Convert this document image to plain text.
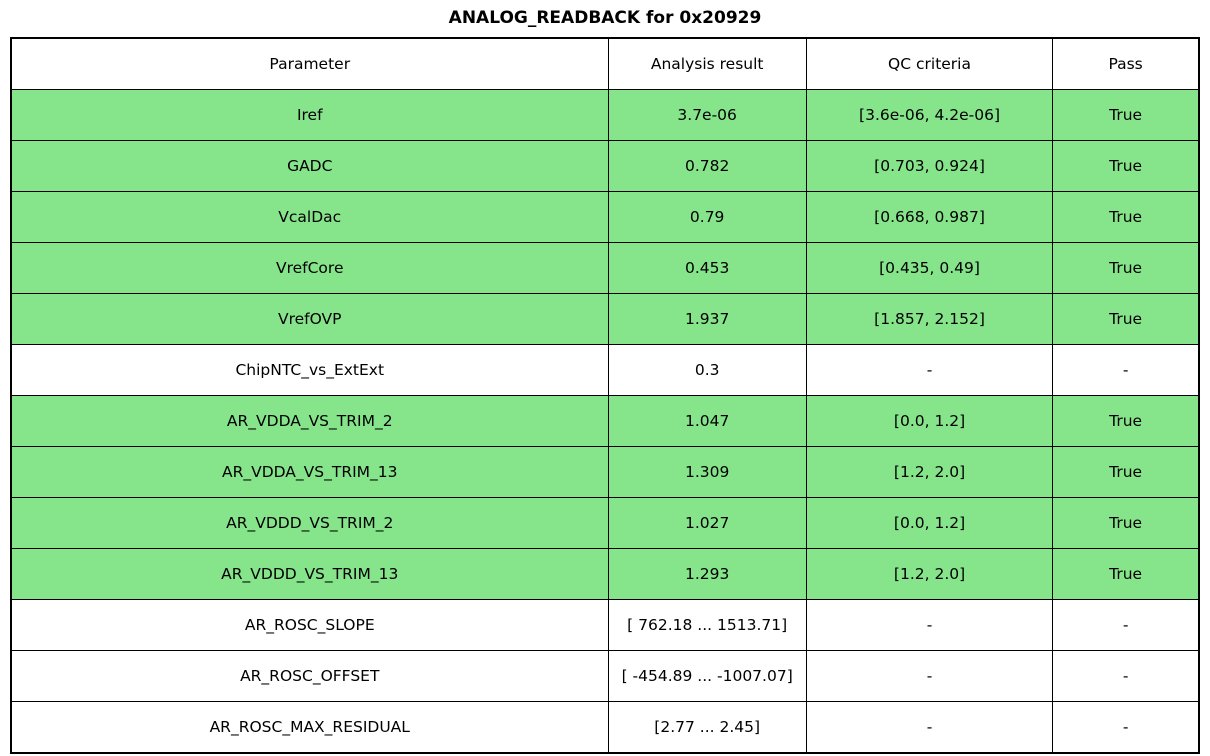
ANALOG_READBACK for 0x20929
Parameter	Analysis result	QC criteria	Pass
Iref	3.7e-06	[3.6e-06, 4.2e-06]	True
GADC	0.782	[0.703, 0.924]	True
VcalDac	0.79	[0.668, 0.987]	True
VrefCore	0.453	[0.435, 0.49]	True
VrefOVP	1.937	[1.857, 2.152]	True
ChipNTC_vs_ExtExt	0.3	-	-
AR_VDDA_VS_TRIM_2	1.047	[0.0, 1.2]	True
AR_VDDA_VS_TRIM_13	1.309	[1.2, 2.0]	True
AR_VDDD_VS_TRIM_2	1.027	[0.0, 1.2]	True
AR_VDDD_VS_TRIM_13	1.293	[1.2, 2.0]	True
AR_ROSC_SLOPE	[ 762.18 ... 1513.71]	-	-
AR_ROSC_OFFSET	[ -454.89 ... -1007.07]	-	-
AR_ROSC_MAX_RESIDUAL	[2.77 ... 2.45]	-	-
